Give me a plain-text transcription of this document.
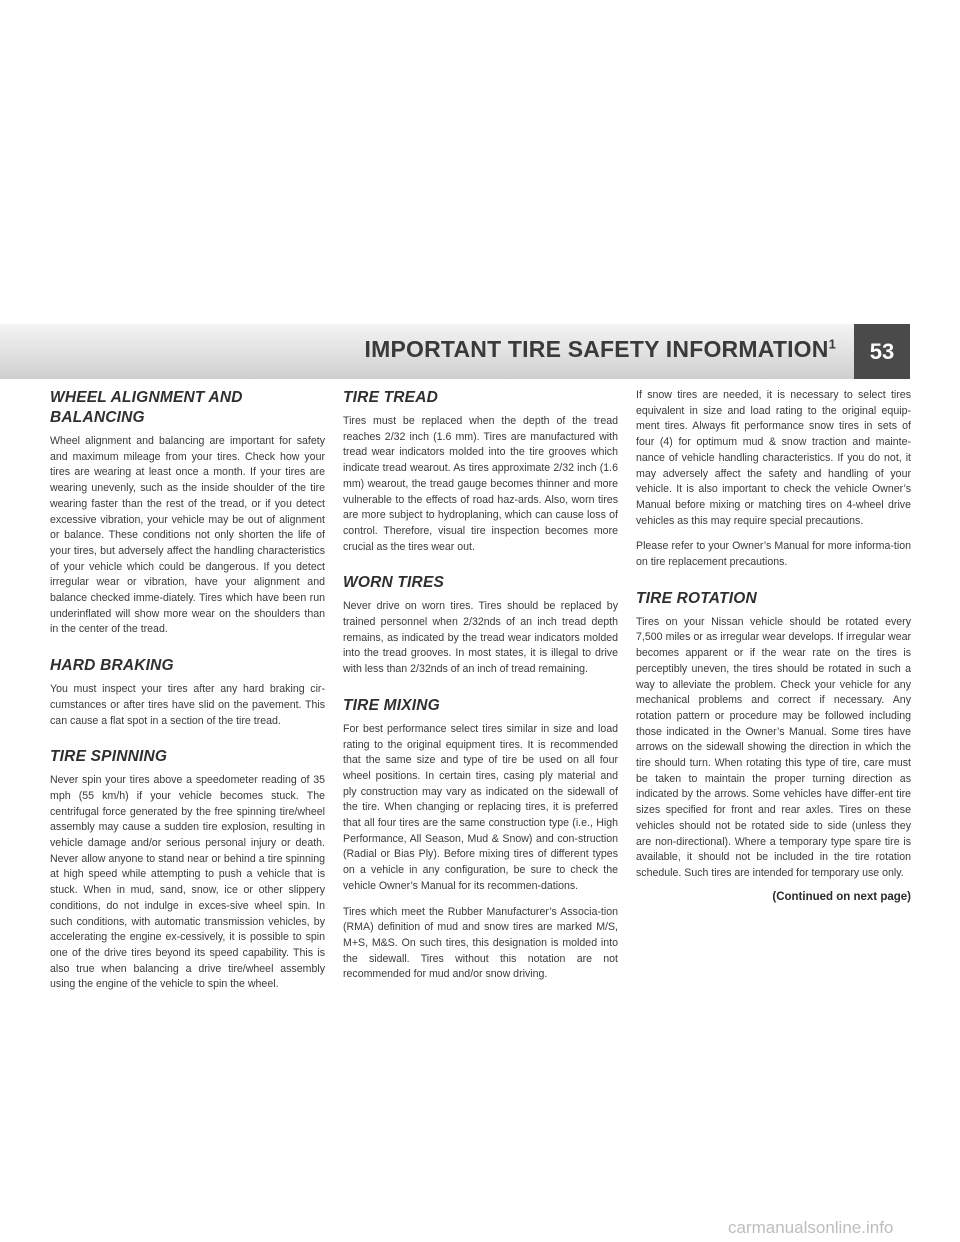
IMPORTANT TIRE SAFETY INFORMATION$^1$	53
WHEEL ALIGNMENT AND BALANCING

Wheel alignment and balancing are important for safety and maximum mileage from your tires. Check how your tires are wearing at least once a month. If your tires are wearing unevenly, such as the inside shoulder of the tire wearing faster than the rest of the tread, or if you detect excessive vibration, your vehicle may be out of alignment or balance. These conditions not only shorten the life of your tires, but adversely affect the handling characteristics of your vehicle which could be dangerous. If you detect irregular wear or vibration, have your alignment and balance checked imme-diately. Tires which have been run underinflated will show more wear on the shoulders than in the center of the tread.

HARD BRAKING

You must inspect your tires after any hard braking cir-cumstances or after tires have slid on the pavement. This can cause a flat spot in a section of the tire tread.

TIRE SPINNING

Never spin your tires above a speedometer reading of 35 mph (55 km/h) if your vehicle becomes stuck. The centrifugal force generated by the free spinning tire/wheel assembly may cause a sudden tire explosion, resulting in vehicle damage and/or serious personal injury or death. Never allow anyone to stand near or behind a tire spinning at high speed while attempting to push a vehicle that is stuck. When in mud, sand, snow, ice or other slippery conditions, do not indulge in exces-sive wheel spin. In such conditions, with automatic transmission vehicles, by accelerating the engine ex-cessively, it is possible to spin one of the drive tires beyond its speed capability. This is also true when balancing a drive tire/wheel assembly using the engine of the vehicle to spin the wheel.

TIRE TREAD

Tires must be replaced when the depth of the tread reaches 2/32 inch (1.6 mm). Tires are manufactured with tread wear indicators molded into the tire grooves which indicate tread wearout. As tires approximate 2/32 inch (1.6 mm) wearout, the tread gauge becomes thinner and more vulnerable to the effects of road haz-ards. Also, worn tires are more subject to hydroplaning, which can cause loss of control. Therefore, visual tire inspection becomes more crucial as the tires wear out.

WORN TIRES

Never drive on worn tires. Tires should be replaced by trained personnel when 2/32nds of an inch tread depth remains, as indicated by the tread wear indicators molded into the tread grooves. In most states, it is illegal to drive with less than 2/32nds of an inch of tread remaining.

TIRE MIXING

For best performance select tires similar in size and load rating to the original equipment tires. It is recommended that the same size and type of tire be used on all four wheel positions. In certain tires, casing ply material and ply construction may vary as indicated on the sidewall of the tire. When changing or replacing tires, it is preferred that all four tires are the same construction type (i.e., High Performance, All Season, Mud & Snow) and con-struction (Radial or Bias Ply). Before mixing tires of different types on a vehicle in any configuration, be sure to check the vehicle Owner’s Manual for its recommen-dations.

Tires which meet the Rubber Manufacturer’s Associa-tion (RMA) definition of mud and snow tires are marked M/S, M+S, M&S. On such tires, this designation is molded into the sidewall. Tires without this notation are not recommended for mud and/or snow driving.

If snow tires are needed, it is necessary to select tires equivalent in size and load rating to the original equip-ment tires. Always fit performance snow tires in sets of four (4) for optimum mud & snow traction and mainte-nance of vehicle handling characteristics. If you do not, it may adversely affect the safety and handling of your vehicle. It is also important to check the vehicle Owner’s Manual before mixing or matching tires on 4-wheel drive vehicles as this may require special precautions.

Please refer to your Owner’s Manual for more informa-tion on tire replacement precautions.

TIRE ROTATION

Tires on your Nissan vehicle should be rotated every 7,500 miles or as irregular wear develops. If irregular wear becomes apparent or if the wear rate on the tires is perceptibly uneven, the tires should be rotated in such a way to alleviate the problem. Check your vehicle for any mechanical problems and correct if necessary. Any rotation pattern or procedure may be followed including those indicated in the Owner’s Manual. Some tires have arrows on the sidewall showing the direction in which the tire should turn. When rotating this type of tire, care must be taken to maintain the proper turning direction as indicated by the arrows. Some vehicles have differ-ent tire sizes specified for front and rear axles. Tires on these vehicles should not be rotated side to side (unless they are non-directional). Where a temporary type spare tire is available, it should not be included in the tire rotation schedule. Such tires are intended for temporary use only.

(Continued on next page)

carmanualsonline.info
